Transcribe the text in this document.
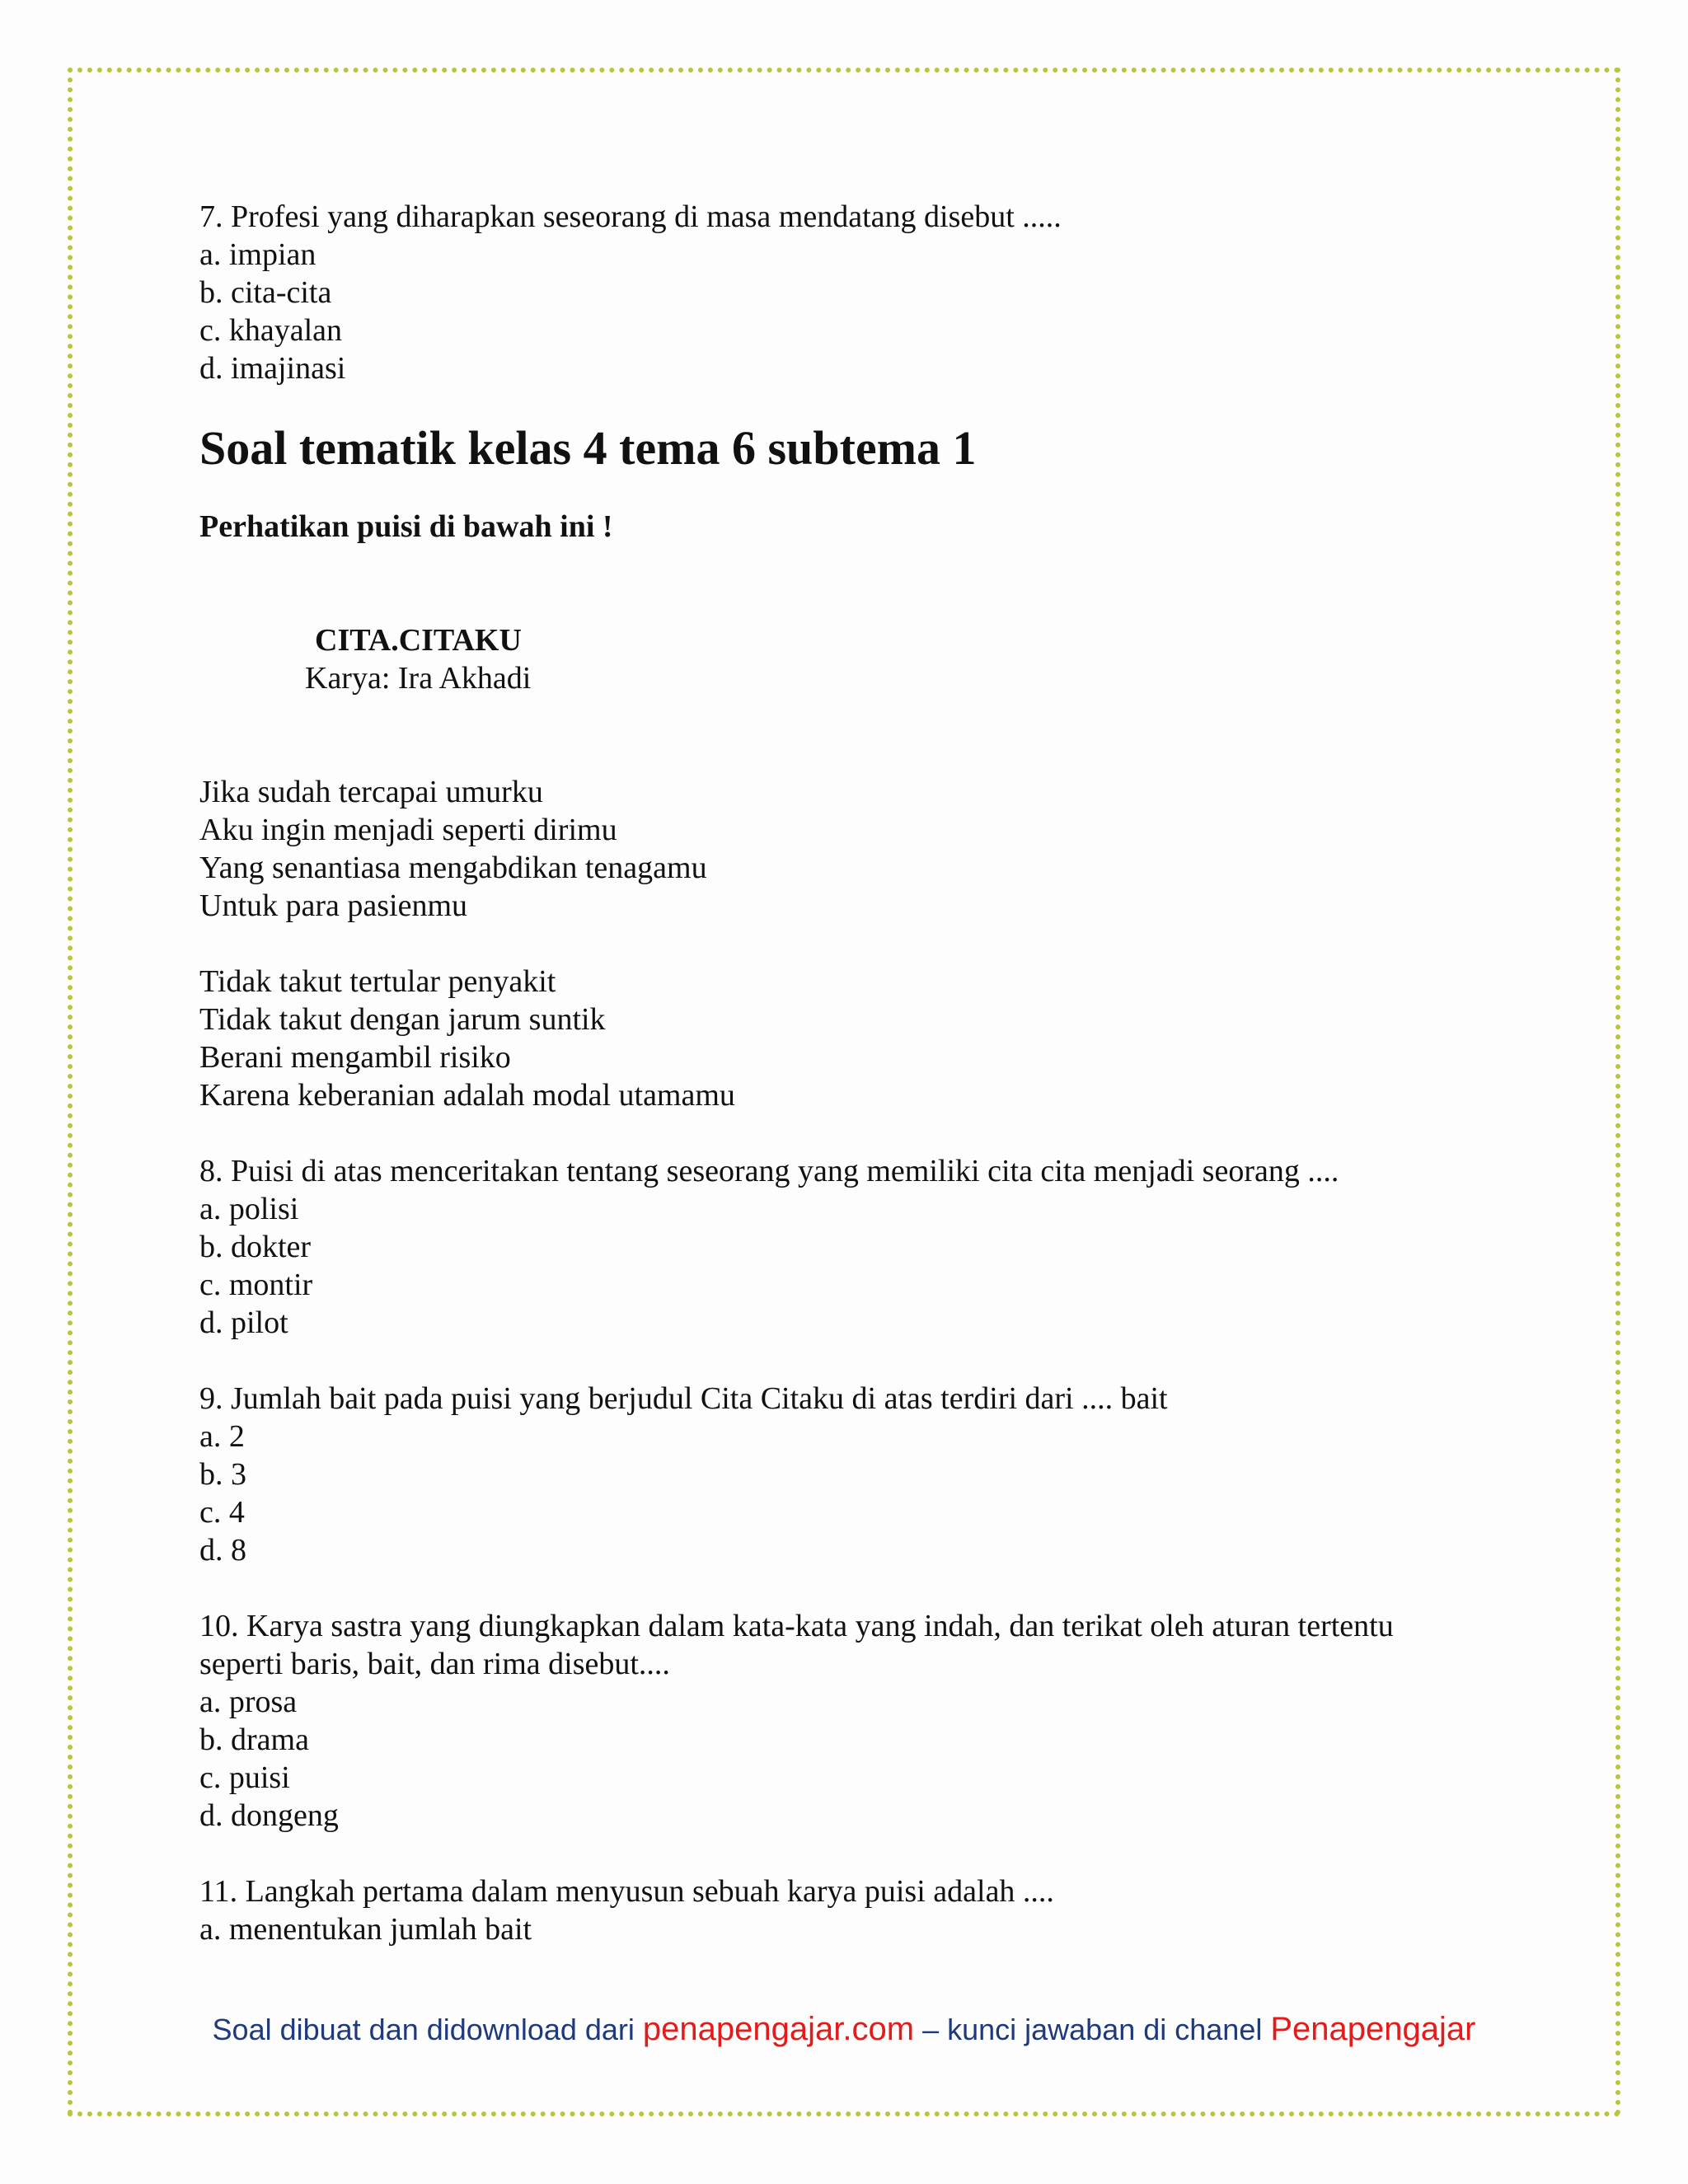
7. Profesi yang diharapkan seseorang di masa mendatang disebut .....

a. impian

b. cita-cita

c. khayalan

d. imajinasi

Soal tematik kelas 4 tema 6 subtema 1

Perhatikan puisi di bawah ini !

CITA.CITAKU
Karya: Ira Akhadi

Jika sudah tercapai umurku

Aku ingin menjadi seperti dirimu

Yang senantiasa mengabdikan tenagamu

Untuk para pasienmu

Tidak takut tertular penyakit

Tidak takut dengan jarum suntik

Berani mengambil risiko

Karena keberanian adalah modal utamamu

8. Puisi di atas menceritakan tentang seseorang yang memiliki cita cita menjadi seorang ....

a. polisi

b. dokter

c. montir

d. pilot

9. Jumlah bait pada puisi yang berjudul Cita Citaku di atas terdiri dari .... bait

a. 2

b. 3

c. 4

d. 8

10. Karya sastra yang diungkapkan dalam kata-kata yang indah, dan terikat oleh aturan tertentu

seperti baris, bait, dan rima disebut....

a. prosa

b. drama

c. puisi

d. dongeng

11. Langkah pertama dalam menyusun sebuah karya puisi adalah ....

a. menentukan jumlah bait

Soal dibuat dan didownload dari penapengajar.com – kunci jawaban di chanel Penapengajar
